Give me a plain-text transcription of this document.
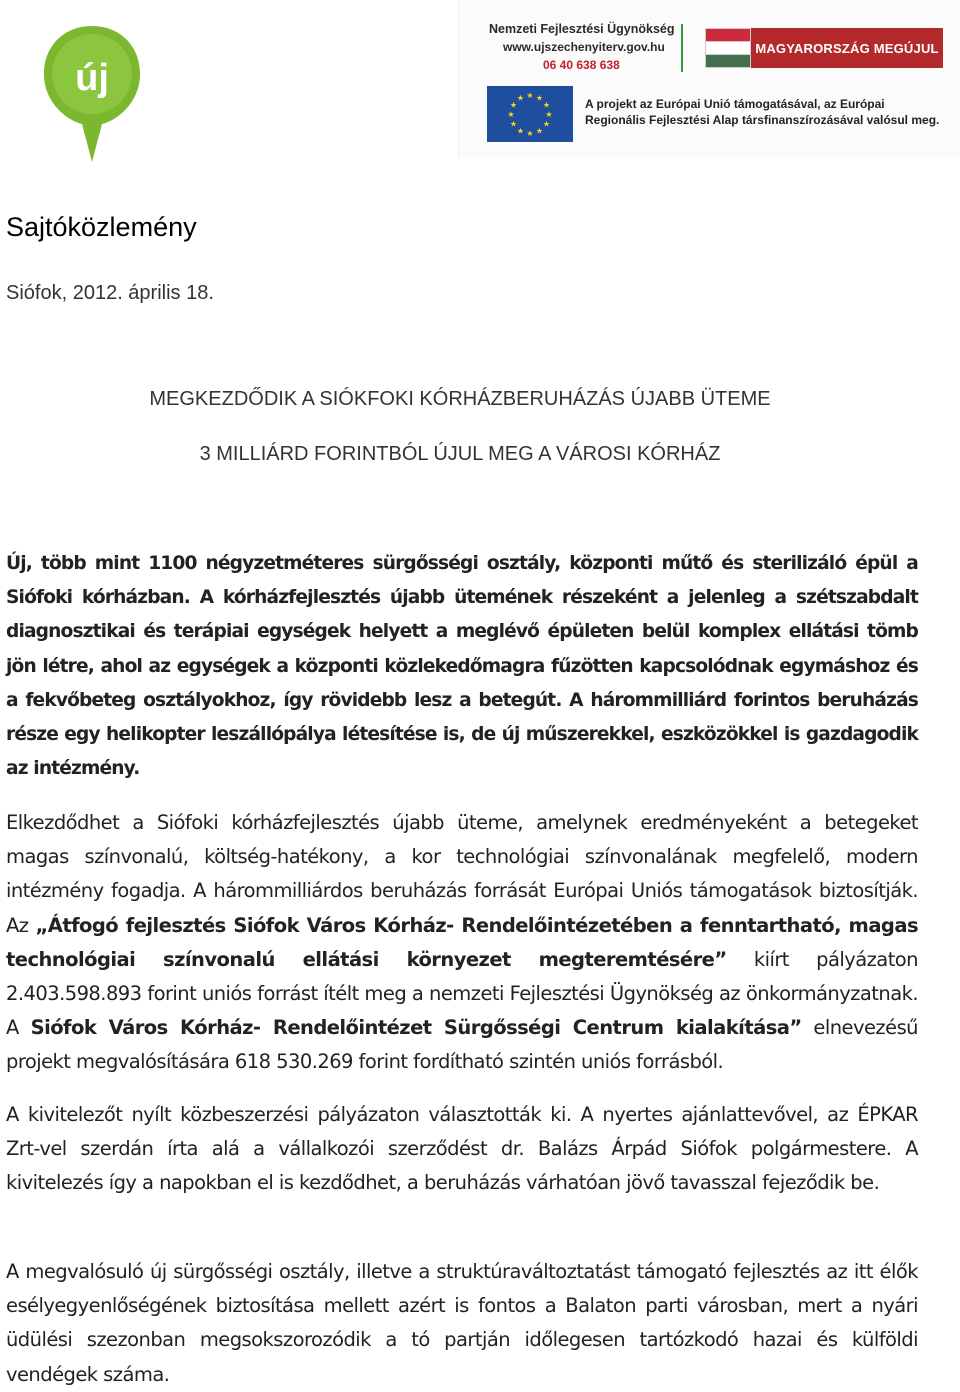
új
Nemzeti Fejlesztési Ügynökség
www.ujszechenyiterv.gov.hu
06 40 638 638
MAGYARORSZÁG MEGÚJUL
★ ★
★
★
★
★
★
★
★
★
★
★	A projekt az Európai Unió támogatásával, az Európai
Regionális Fejlesztési Alap társfinanszírozásával valósul meg.
Sajtóközlemény
Siófok, 2012. április 18.
MEGKEZDŐDIK A SIÓKFOKI KÓRHÁZBERUHÁZÁS ÚJABB ÜTEME
3 MILLIÁRD FORINTBÓL ÚJUL MEG A VÁROSI KÓRHÁZ

Új, több mint 1100 négyzetméteres sürgősségi osztály, központi műtő és sterilizáló épül a Siófoki kórházban. A kórházfejlesztés újabb ütemének részeként a jelenleg a szétszabdalt diagnosztikai és terápiai egységek helyett a meglévő épületen belül komplex ellátási tömb jön létre, ahol az egységek a központi közlekedőmagra fűzötten kapcsolódnak egymáshoz és a fekvőbeteg osztályokhoz, így rövidebb lesz a betegút. A hárommilliárd forintos beruházás része egy helikopter leszállópálya létesítése is, de új műszerekkel, eszközökkel is gazdagodik az intézmény.

Elkezdődhet a Siófoki kórházfejlesztés újabb üteme, amelynek eredményeként a betegeket magas színvonalú, költség-hatékony, a kor technológiai színvonalának megfelelő, modern intézmény fogadja. A hárommilliárdos beruházás forrását Európai Uniós támogatások biztosítják. Az „Átfogó fejlesztés Siófok Város Kórház- Rendelőintézetében a fenntartható, magas technológiai színvonalú ellátási környezet megteremtésére” kiírt pályázaton 2.403.598.893 forint uniós forrást ítélt meg a nemzeti Fejlesztési Ügynökség az önkormányzatnak. A Siófok Város Kórház- Rendelőintézet Sürgősségi Centrum kialakítása” elnevezésű projekt megvalósítására 618 530.269 forint fordítható szintén uniós forrásból.

A kivitelezőt nyílt közbeszerzési pályázaton választották ki. A nyertes ajánlattevővel, az ÉPKAR Zrt-vel szerdán írta alá a vállalkozói szerződést dr. Balázs Árpád Siófok polgármestere. A kivitelezés így a napokban el is kezdődhet, a beruházás várhatóan jövő tavasszal fejeződik be.

A megvalósuló új sürgősségi osztály, illetve a struktúraváltoztatást támogató fejlesztés az itt élők esélyegyenlőségének biztosítása mellett azért is fontos a Balaton parti városban, mert a nyári üdülési szezonban megsokszorozódik a tó partján időlegesen tartózkodó hazai és külföldi vendégek száma.
